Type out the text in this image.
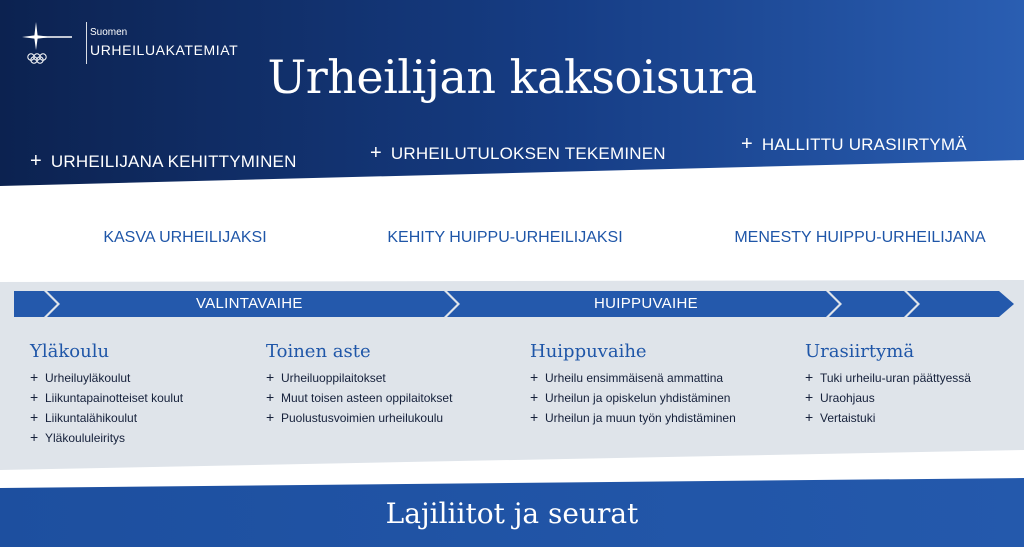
Suomen
URHEILUAKATEMIAT Urheilijan kaksoisura
+ URHEILIJANA KEHITTYMINEN	+ URHEILUTULOKSEN TEKEMINEN	+ HALLITTU URASIIRTYMÄ
KASVA URHEILIJAKSI	KEHITY HUIPPU-URHEILIJAKSI	MENESTY HUIPPU-URHEILIJANA
VALINTAVAIHE	HUIPPUVAIHE
Yläkoulu
+ Urheiluyläkoulut
+ Liikuntapainotteiset koulut
+ Liikuntalähikoulut
+ Yläkoululeiritys
Toinen aste
+ Urheiluoppilaitokset
+ Muut toisen asteen oppilaitokset
+ Puolustusvoimien urheilukoulu
Huippuvaihe
+ Urheilu ensimmäisenä ammattina
+ Urheilun ja opiskelun yhdistäminen
+ Urheilun ja muun työn yhdistäminen
Urasiirtymä
+ Tuki urheilu-uran päättyessä
+ Uraohjaus
+ Vertaistuki
Lajiliitot ja seurat
